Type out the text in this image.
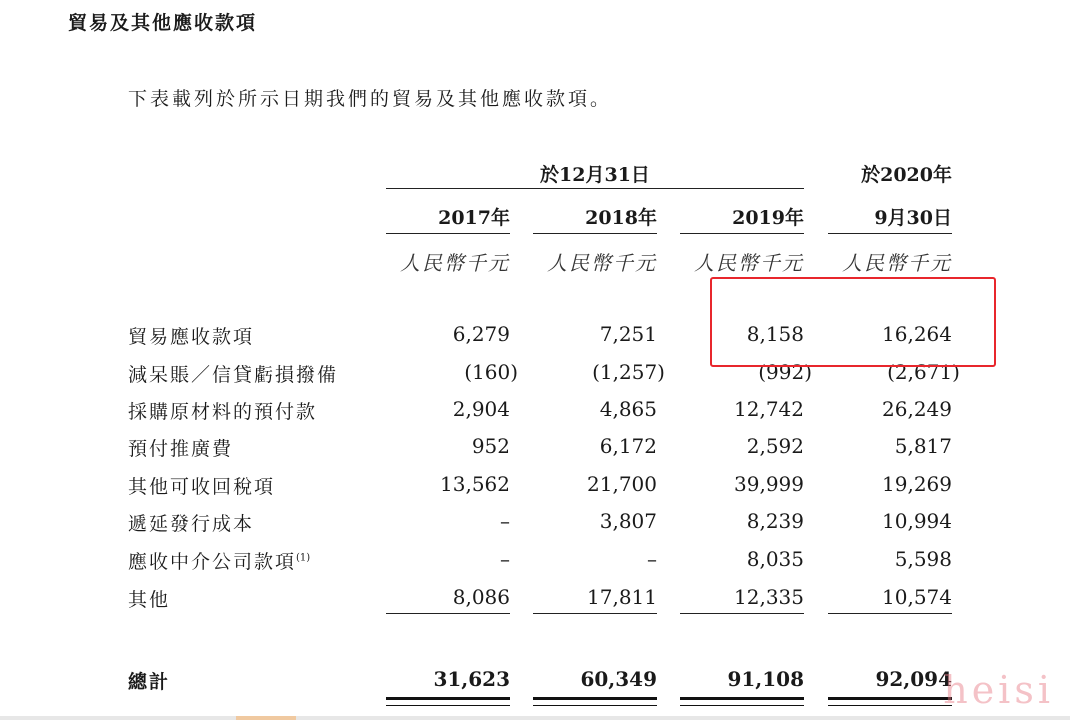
貿易及其他應收款項
下表載列於所示日期我們的貿易及其他應收款項。
於12月31日	於2020年
2017年	2018年	2019年	9月30日
人民幣千元	人民幣千元	人民幣千元	人民幣千元
貿易應收款項	6,279	7,251	8,158	16,264
減呆賬／信貸虧損撥備	(160)	(1,257)	(992)	(2,671)
採購原材料的預付款	2,904	4,865	12,742	26,249
預付推廣費	952	6,172	2,592	5,817
其他可收回稅項	13,562	21,700	39,999	19,269
遞延發行成本	–	3,807	8,239	10,994
應收中介公司款項$^{(1)}$	–	–	8,035	5,598
其他	8,086	17,811	12,335	10,574
總計	31,623	60,349	91,108	92,094
heisi
